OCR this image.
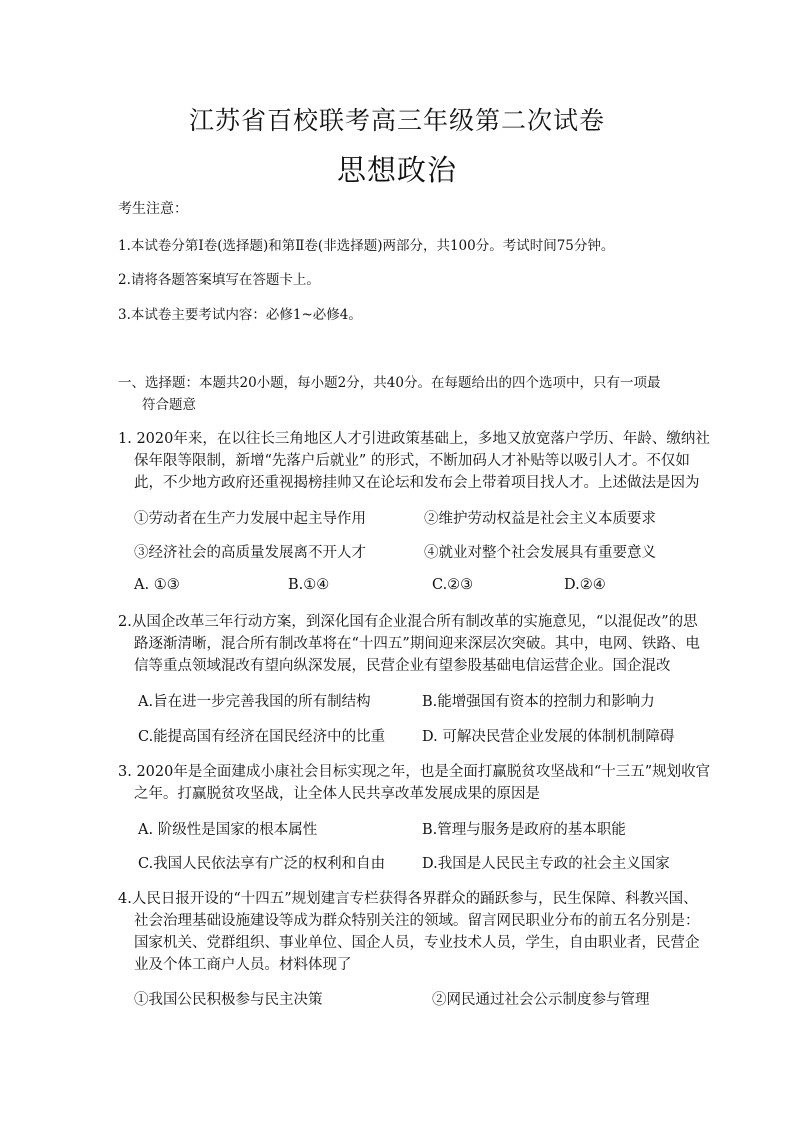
江苏省百校联考高三年级第二次试卷
思想政治
考生注意：
1.本试卷分第Ⅰ卷(选择题)和第Ⅱ卷(非选择题)两部分，共100分。考试时间75分钟。
2.请将各题答案填写在答题卡上。
3.本试卷主要考试内容：必修1~必修4。
一、选择题：本题共20小题，每小题2分，共40分。在每题给出的四个选项中，只有一项最
符合题意
1. 2020年来，在以往长三角地区人才引进政策基础上，多地又放宽落户学历、年龄、缴纳社
保年限等限制，新增“先落户后就业” 的形式，不断加码人才补贴等以吸引人才。不仅如
此，不少地方政府还重视揭榜挂帅又在论坛和发布会上带着项目找人才。上述做法是因为
①劳动者在生产力发展中起主导作用	②维护劳动权益是社会主义本质要求
③经济社会的高质量发展离不开人才	④就业对整个社会发展具有重要意义
A. ①③	B.①④	C.②③	D.②④
2.从国企改革三年行动方案，到深化国有企业混合所有制改革的实施意见，“以混促改”的思
路逐渐清晰，混合所有制改革将在“十四五”期间迎来深层次突破。其中，电网、铁路、电
信等重点领域混改有望向纵深发展，民营企业有望参股基础电信运营企业。国企混改
A.旨在进一步完善我国的所有制结构	B.能增强国有资本的控制力和影响力
C.能提高国有经济在国民经济中的比重	D. 可解决民营企业发展的体制机制障碍
3. 2020年是全面建成小康社会目标实现之年，也是全面打赢脱贫攻坚战和“十三五”规划收官
之年。打赢脱贫攻坚战，让全体人民共享改革发展成果的原因是
A. 阶级性是国家的根本属性	B.管理与服务是政府的基本职能
C.我国人民依法享有广泛的权利和自由	D.我国是人民民主专政的社会主义国家
4.人民日报开设的“十四五”规划建言专栏获得各界群众的踊跃参与，民生保障、科教兴国、
社会治理基础设施建设等成为群众特别关注的领域。留言网民职业分布的前五名分别是：
国家机关、党群组织、事业单位、国企人员，专业技术人员，学生，自由职业者，民营企
业及个体工商户人员。材料体现了
①我国公民积极参与民主决策	②网民通过社会公示制度参与管理
